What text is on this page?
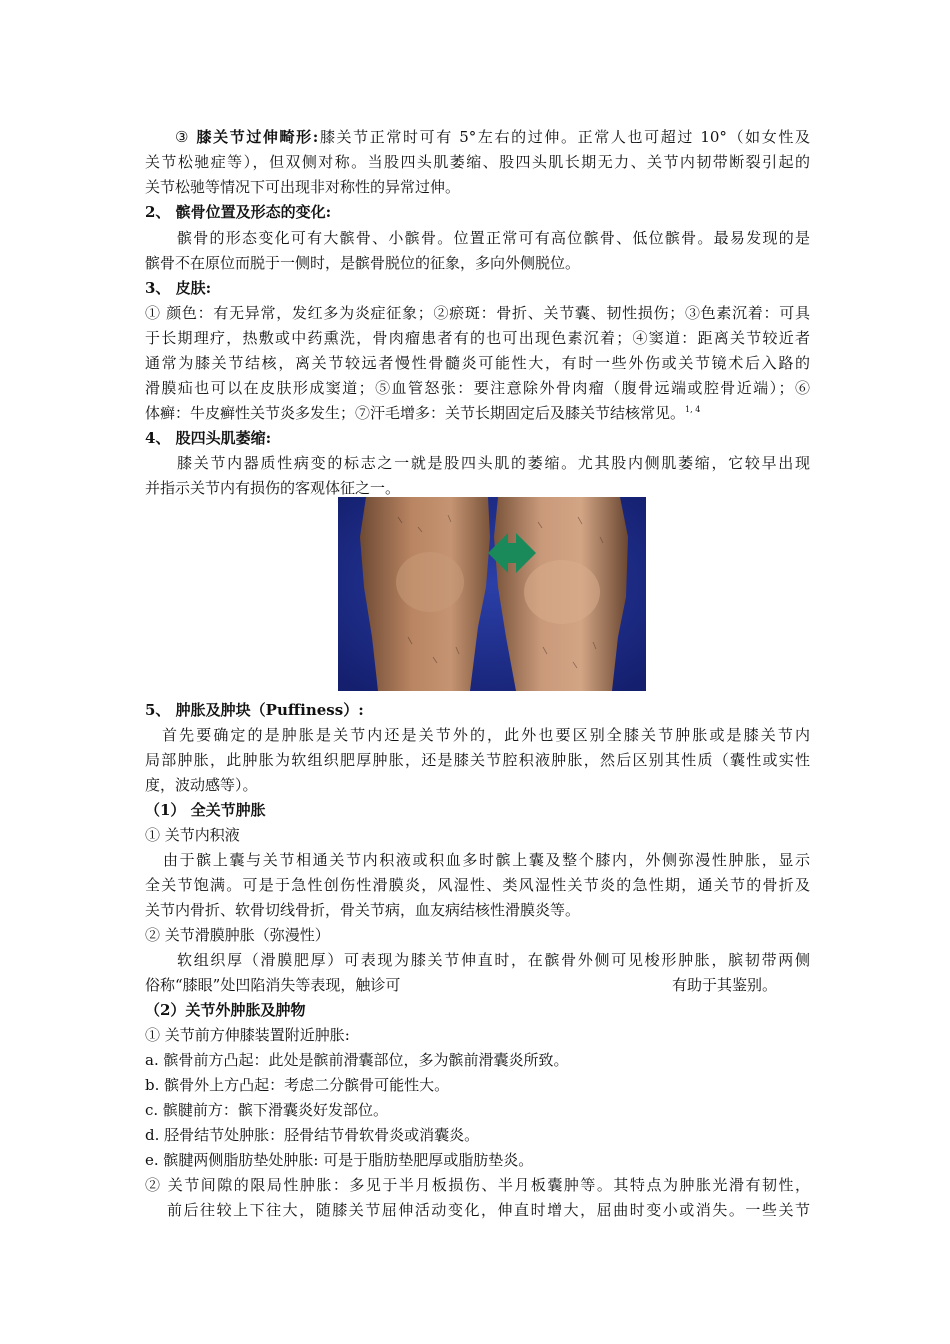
③ 膝关节过伸畸形:膝关节正常时可有 5°左右的过伸。正常人也可超过 10°（如女性及
关节松驰症等），但双侧对称。当股四头肌萎缩、股四头肌长期无力、关节内韧带断裂引起的
关节松驰等情况下可出现非对称性的异常过伸。
2、 髌骨位置及形态的变化:
髌骨的形态变化可有大髌骨、小髌骨。位置正常可有高位髌骨、低位髌骨。最易发现的是
髌骨不在原位而脱于一侧时，是髌骨脱位的征象，多向外侧脱位。
3、 皮肤:
① 颜色：有无异常，发红多为炎症征象；②瘀斑：骨折、关节囊、韧性损伤；③色素沉着：可具
于长期理疗，热敷或中药熏洗，骨肉瘤患者有的也可出现色素沉着；④窦道：距离关节较近者
通常为膝关节结核，离关节较远者慢性骨髓炎可能性大，有时一些外伤或关节镜术后入路的
滑膜疝也可以在皮肤形成窦道；⑤血管怒张：要注意除外骨肉瘤（腹骨远端或腔骨近端）；⑥
体癣：牛皮癣性关节炎多发生；⑦汗毛增多：关节长期固定后及膝关节结核常见。$^{1, 4}$
4、 股四头肌萎缩:
膝关节内器质性病变的标志之一就是股四头肌的萎缩。尤其股内侧肌萎缩，它较早出现
并指示关节内有损伤的客观体征之一。
5、 肿胀及肿块（Puffiness）:
首先要确定的是肿胀是关节内还是关节外的，此外也要区别全膝关节肿胀或是膝关节内
局部肿胀，此肿胀为软组织肥厚肿胀，还是膝关节腔积液肿胀，然后区别其性质（囊性或实性
度，波动感等）。
（1） 全关节肿胀
① 关节内积液
由于髌上囊与关节相通关节内积液或积血多时髌上囊及整个膝内，外侧弥漫性肿胀，显示
全关节饱满。可是于急性创伤性滑膜炎，风湿性、类风湿性关节炎的急性期，通关节的骨折及
关节内骨折、软骨切线骨折，骨关节病，血友病结核性滑膜炎等。
② 关节滑膜肿胀（弥漫性）
软组织厚（滑膜肥厚）可表现为膝关节伸直时，在髌骨外侧可见梭形肿胀，膑韧带两侧
俗称“膝眼”处凹陷消失等表现，触诊可	有助于其鉴别。
（2）关节外肿胀及肿物
① 关节前方伸膝装置附近肿胀:
a. 髌骨前方凸起：此处是髌前滑囊部位，多为髌前滑囊炎所致。
b. 髌骨外上方凸起：考虑二分髌骨可能性大。
c. 髌腱前方：髌下滑囊炎好发部位。
d. 胫骨结节处肿胀：胫骨结节骨软骨炎或消囊炎。
e. 髌腱两侧脂肪垫处肿胀: 可是于脂肪垫肥厚或脂肪垫炎。
② 关节间隙的限局性肿胀：多见于半月板损伤、半月板囊肿等。其特点为肿胀光滑有韧性，
前后往较上下往大，随膝关节屈伸活动变化，伸直时增大，屈曲时变小或消失。一些关节
